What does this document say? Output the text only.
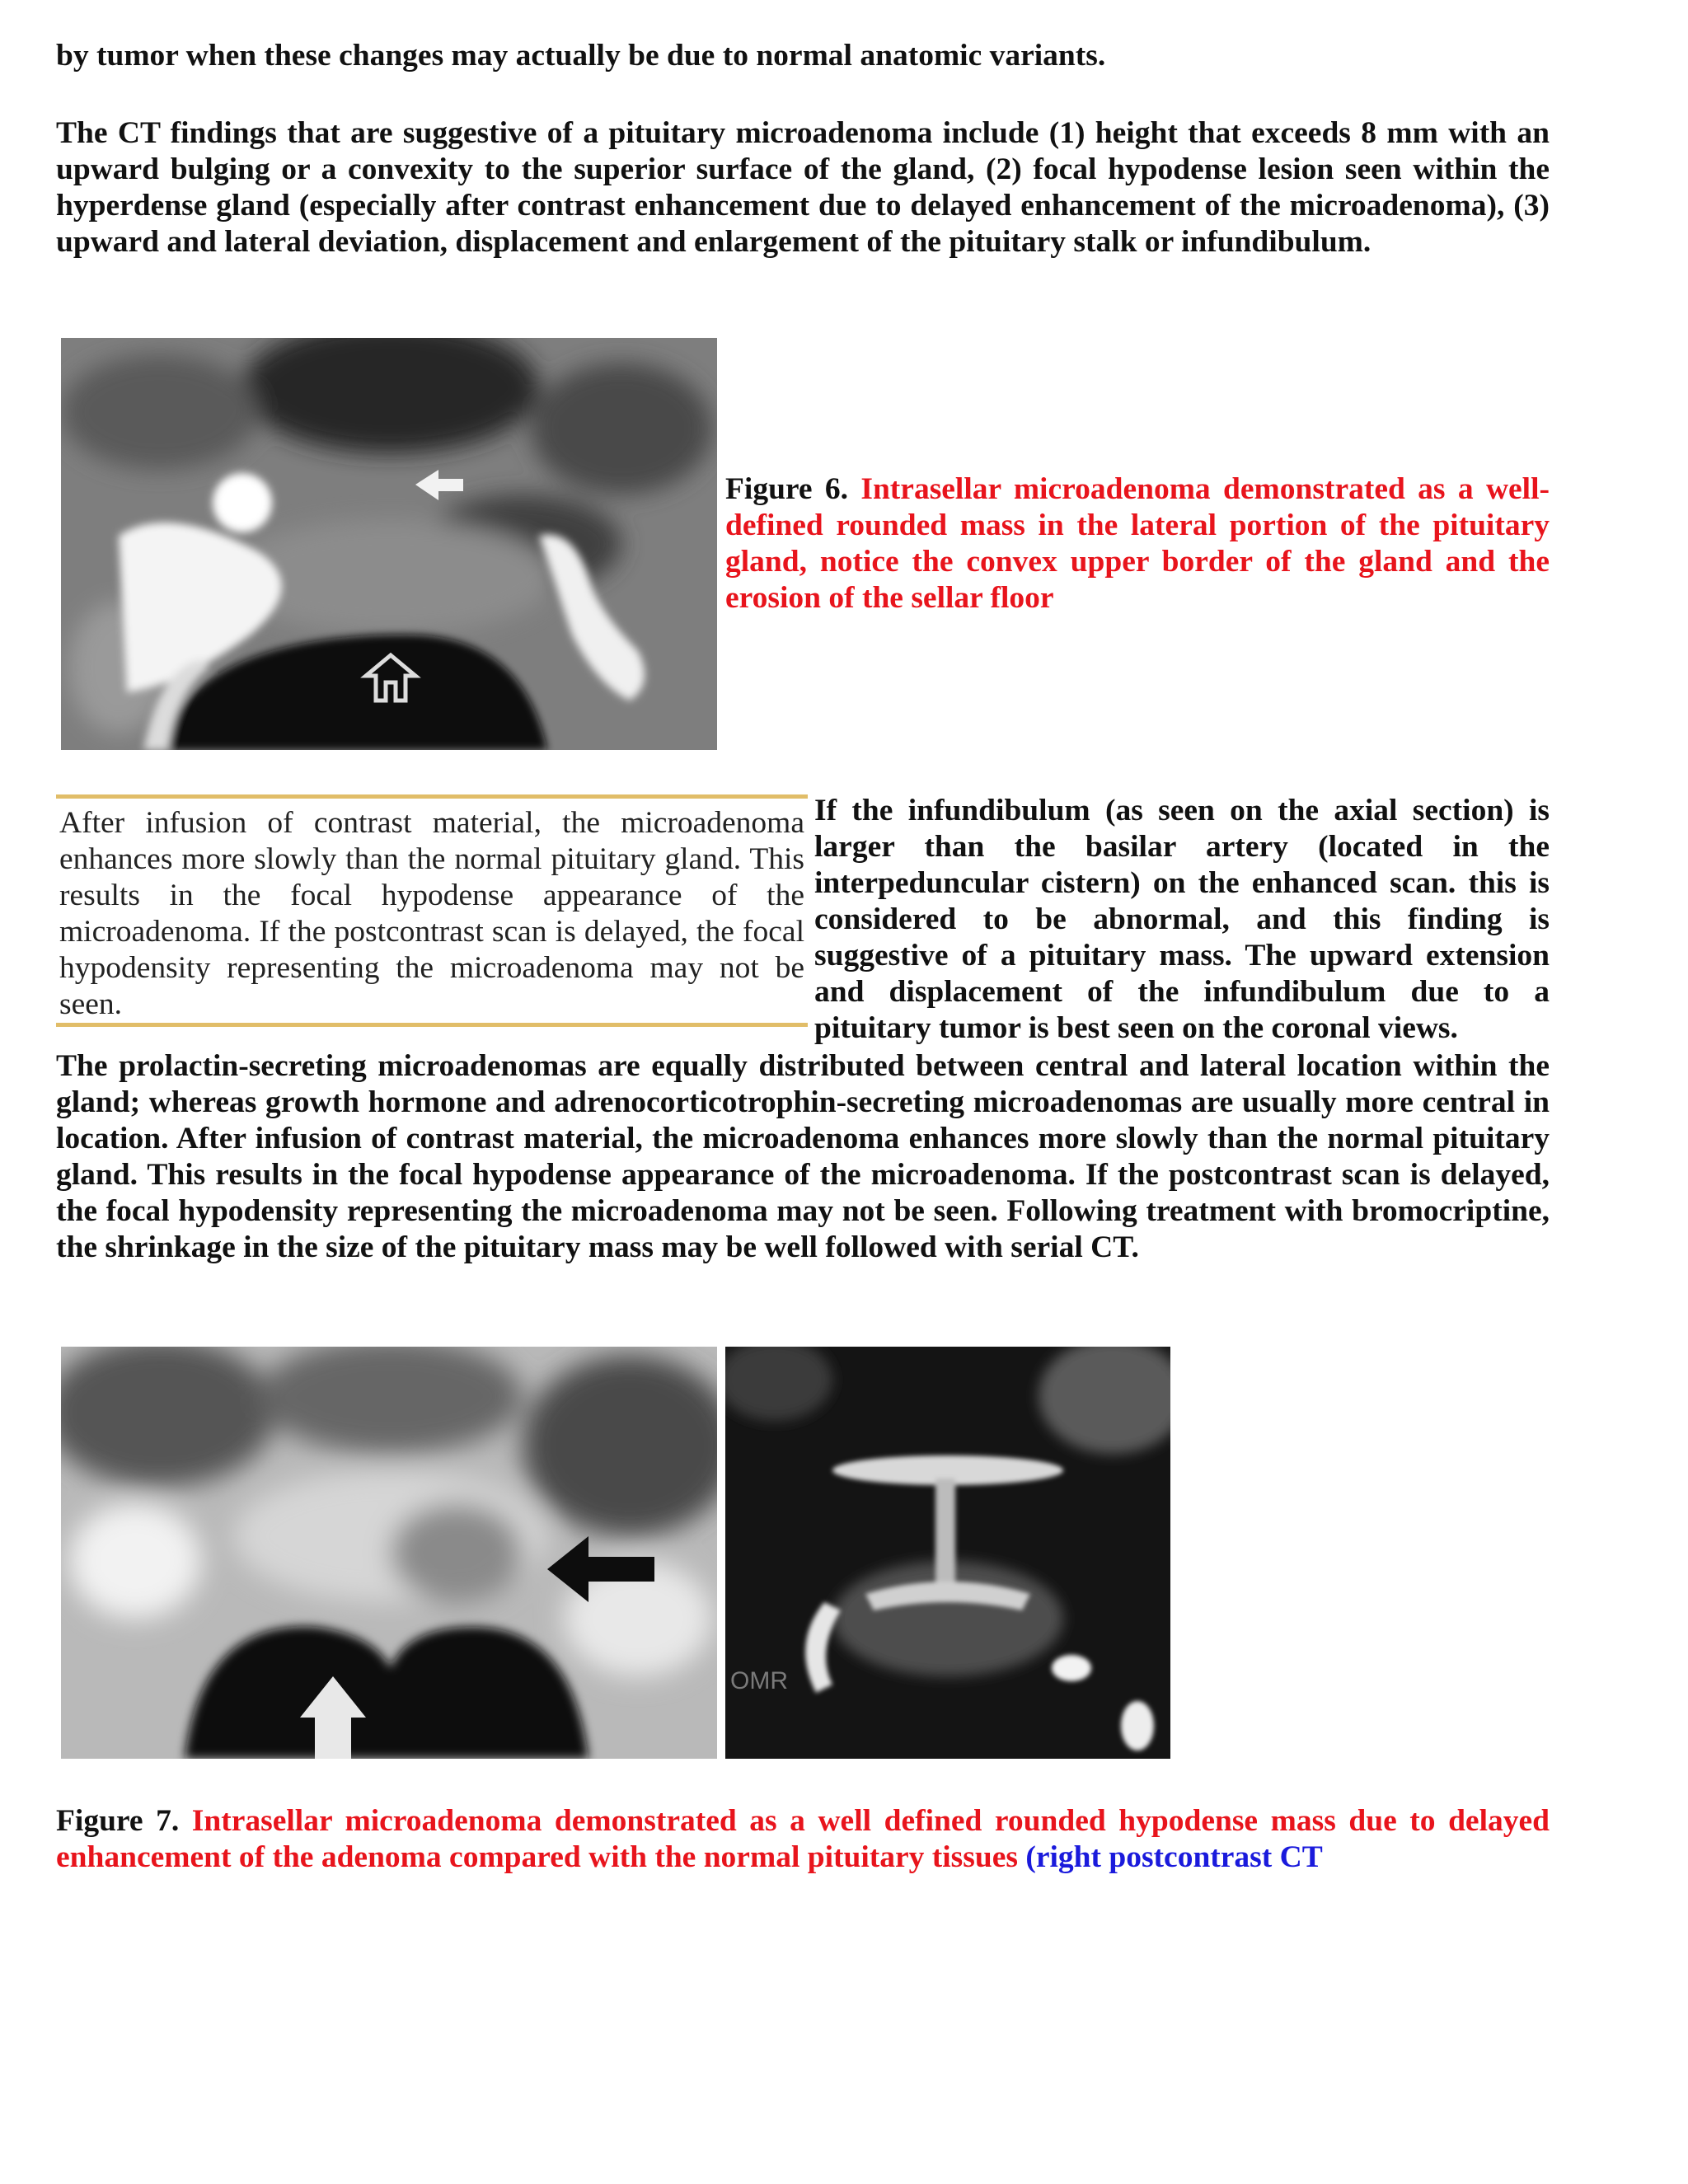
by tumor when these changes may actually be due to normal anatomic variants.

The CT findings that are suggestive of a pituitary microadenoma include (1) height that exceeds 8 mm with an upward bulging or a convexity to the superior surface of the gland, (2) focal hypodense lesion seen within the hyperdense gland (especially after contrast enhancement due to delayed enhancement of the microadenoma), (3) upward and lateral deviation, displacement and enlargement of the pituitary stalk or infundibulum.

Figure 6. Intrasellar microadenoma demonstrated as a well-defined rounded mass in the lateral portion of the pituitary gland, notice the convex upper border of the gland and the erosion of the sellar floor
After infusion of contrast material, the microadenoma enhances more slowly than the normal pituitary gland. This results in the focal hypodense appearance of the microadenoma. If the postcontrast scan is delayed, the focal hypodensity representing the microadenoma may not be seen.

If the infundibulum (as seen on the axial section) is larger than the basilar artery (located in the interpeduncular cistern) on the enhanced scan. this is considered to be abnormal, and this finding is suggestive of a pituitary mass. The upward extension and displacement of the infundibulum due to a pituitary tumor is best seen on the coronal views.

The prolactin-secreting microadenomas are equally distributed between central and lateral location within the gland; whereas growth hormone and adrenocorticotrophin-secreting microadenomas are usually more central in location. After infusion of contrast material, the microadenoma enhances more slowly than the normal pituitary gland. This results in the focal hypodense appearance of the microadenoma. If the postcontrast scan is delayed, the focal hypodensity representing the microadenoma may not be seen. Following treatment with bromocriptine, the shrinkage in the size of the pituitary mass may be well followed with serial CT.

OMR

Figure 7. Intrasellar microadenoma demonstrated as a well defined rounded hypodense mass due to delayed enhancement of the adenoma compared with the normal pituitary tissues (right postcontrast CT
